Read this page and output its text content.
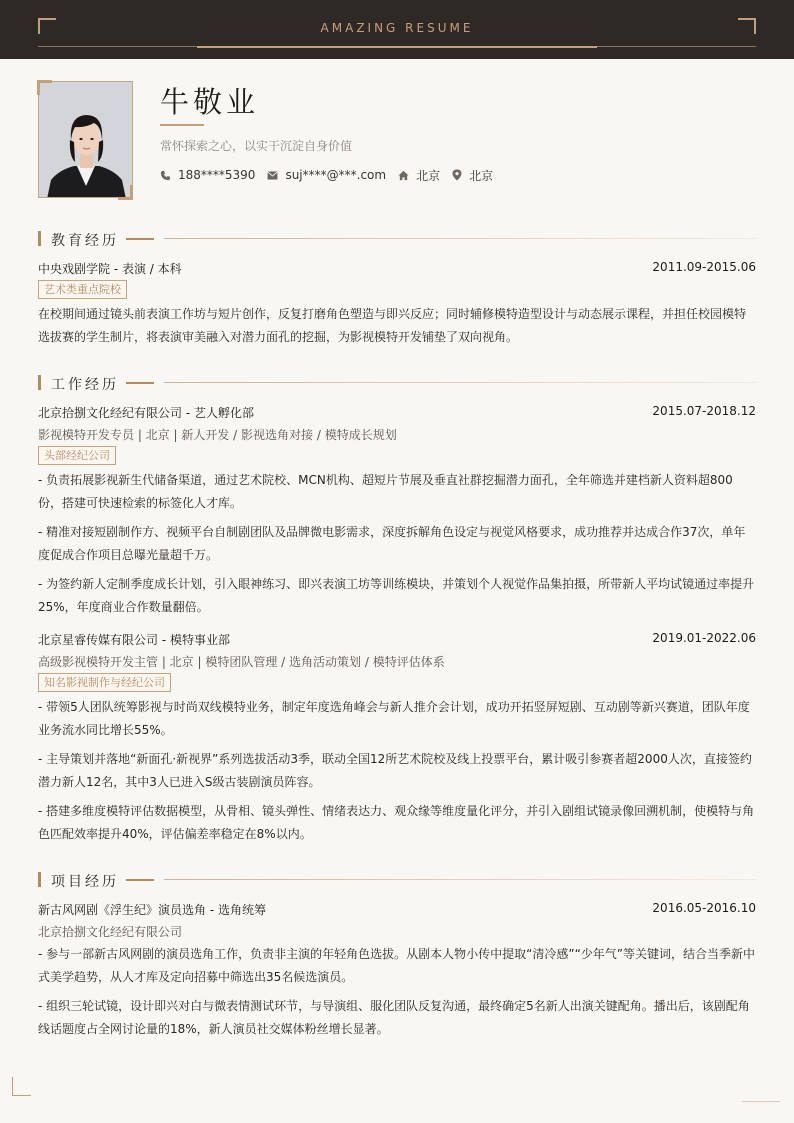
AMAZING RESUME
牛敬业
常怀探索之心，以实干沉淀自身价值
188****5390	suj****@***.com	北京 北京
教育经历
中央戏剧学院 - 表演 / 本科	2011.09-2015.06
艺术类重点院校
在校期间通过镜头前表演工作坊与短片创作，反复打磨角色塑造与即兴反应；同时辅修模特造型设计与动态展示课程，并担任校园模特选拔赛的学生制片，将表演审美融入对潜力面孔的挖掘，为影视模特开发铺垫了双向视角。
工作经历
北京拾捌文化经纪有限公司 - 艺人孵化部	2015.07-2018.12
影视模特开发专员 | 北京 | 新人开发 / 影视选角对接 / 模特成长规划
头部经纪公司
- 负责拓展影视新生代储备渠道，通过艺术院校、MCN机构、超短片节展及垂直社群挖掘潜力面孔，全年筛选并建档新人资料超800份，搭建可快速检索的标签化人才库。
- 精准对接短剧制作方、视频平台自制剧团队及品牌微电影需求，深度拆解角色设定与视觉风格要求，成功推荐并达成合作37次，单年度促成合作项目总曝光量超千万。
- 为签约新人定制季度成长计划，引入眼神练习、即兴表演工坊等训练模块，并策划个人视觉作品集拍摄，所带新人平均试镜通过率提升25%，年度商业合作数量翻倍。
北京星睿传媒有限公司 - 模特事业部	2019.01-2022.06
高级影视模特开发主管 | 北京 | 模特团队管理 / 选角活动策划 / 模特评估体系
知名影视制作与经纪公司
- 带领5人团队统筹影视与时尚双线模特业务，制定年度选角峰会与新人推介会计划，成功开拓竖屏短剧、互动剧等新兴赛道，团队年度业务流水同比增长55%。
- 主导策划并落地“新面孔·新视界”系列选拔活动3季，联动全国12所艺术院校及线上投票平台，累计吸引参赛者超2000人次，直接签约潜力新人12名，其中3人已进入S级古装剧演员阵容。
- 搭建多维度模特评估数据模型，从骨相、镜头弹性、情绪表达力、观众缘等维度量化评分，并引入剧组试镜录像回溯机制，使模特与角色匹配效率提升40%，评估偏差率稳定在8%以内。
项目经历
新古风网剧《浮生纪》演员选角 - 选角统筹	2016.05-2016.10
北京拾捌文化经纪有限公司
- 参与一部新古风网剧的演员选角工作，负责非主演的年轻角色选拔。从剧本人物小传中提取“清冷感”“少年气”等关键词，结合当季新中式美学趋势，从人才库及定向招募中筛选出35名候选演员。
- 组织三轮试镜，设计即兴对白与微表情测试环节，与导演组、服化团队反复沟通，最终确定5名新人出演关键配角。播出后，该剧配角线话题度占全网讨论量的18%，新人演员社交媒体粉丝增长显著。
